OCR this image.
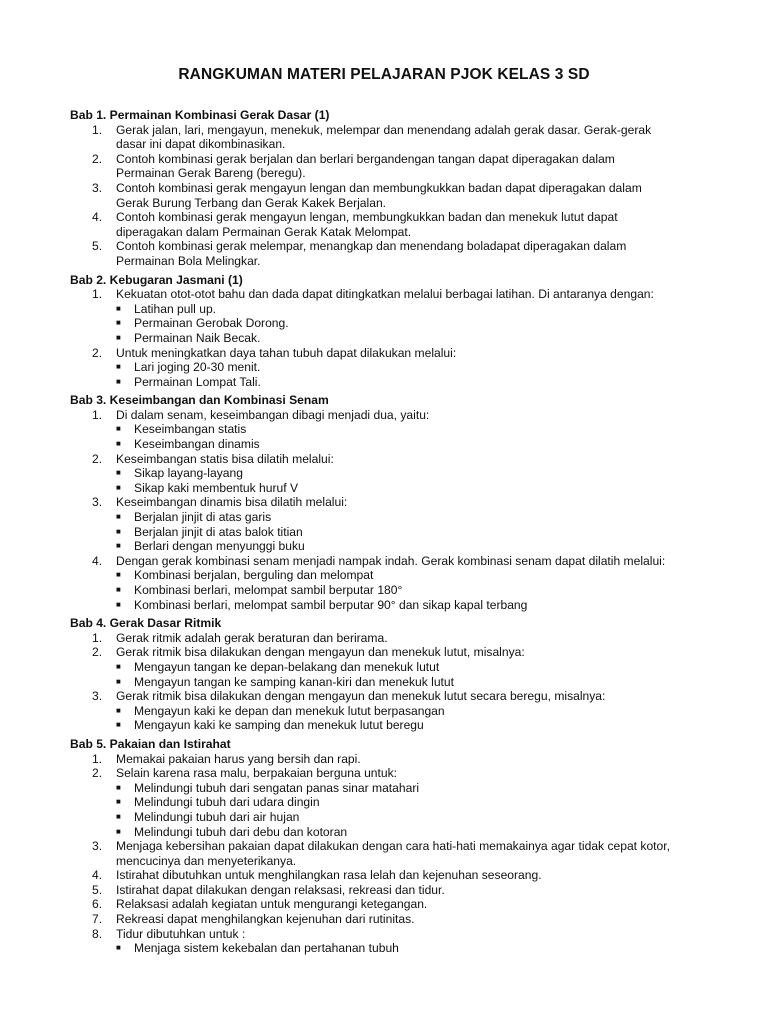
RANGKUMAN MATERI PELAJARAN PJOK KELAS 3 SD
Bab 1. Permainan Kombinasi Gerak Dasar (1)
1. Gerak jalan, lari, mengayun, menekuk, melempar dan menendang adalah gerak dasar. Gerak-gerak
dasar ini dapat dikombinasikan.
2. Contoh kombinasi gerak berjalan dan berlari bergandengan tangan dapat diperagakan dalam
Permainan Gerak Bareng (beregu).
3. Contoh kombinasi gerak mengayun lengan dan membungkukkan badan dapat diperagakan dalam
Gerak Burung Terbang dan Gerak Kakek Berjalan.
4. Contoh kombinasi gerak mengayun lengan, membungkukkan badan dan menekuk lutut dapat
diperagakan dalam Permainan Gerak Katak Melompat.
5. Contoh kombinasi gerak melempar, menangkap dan menendang boladapat diperagakan dalam
Permainan Bola Melingkar.
Bab 2. Kebugaran Jasmani (1)
1. Kekuatan otot-otot bahu dan dada dapat ditingkatkan melalui berbagai latihan. Di antaranya dengan:
■ Latihan pull up.
■ Permainan Gerobak Dorong.
■ Permainan Naik Becak.
2. Untuk meningkatkan daya tahan tubuh dapat dilakukan melalui:
■ Lari joging 20-30 menit.
■ Permainan Lompat Tali.
Bab 3. Keseimbangan dan Kombinasi Senam
1. Di dalam senam, keseimbangan dibagi menjadi dua, yaitu:
■ Keseimbangan statis
■ Keseimbangan dinamis
2. Keseimbangan statis bisa dilatih melalui:
■ Sikap layang-layang
■ Sikap kaki membentuk huruf V
3. Keseimbangan dinamis bisa dilatih melalui:
■ Berjalan jinjit di atas garis
■ Berjalan jinjit di atas balok titian
■ Berlari dengan menyunggi buku
4. Dengan gerak kombinasi senam menjadi nampak indah. Gerak kombinasi senam dapat dilatih melalui:
■ Kombinasi berjalan, berguling dan melompat
■ Kombinasi berlari, melompat sambil berputar 180°
■ Kombinasi berlari, melompat sambil berputar 90° dan sikap kapal terbang
Bab 4. Gerak Dasar Ritmik
1. Gerak ritmik adalah gerak beraturan dan berirama.
2. Gerak ritmik bisa dilakukan dengan mengayun dan menekuk lutut, misalnya:
■ Mengayun tangan ke depan-belakang dan menekuk lutut
■ Mengayun tangan ke samping kanan-kiri dan menekuk lutut
3. Gerak ritmik bisa dilakukan dengan mengayun dan menekuk lutut secara beregu, misalnya:
■ Mengayun kaki ke depan dan menekuk lutut berpasangan
■ Mengayun kaki ke samping dan menekuk lutut beregu
Bab 5. Pakaian dan Istirahat
1. Memakai pakaian harus yang bersih dan rapi.
2. Selain karena rasa malu, berpakaian berguna untuk:
■ Melindungi tubuh dari sengatan panas sinar matahari
■ Melindungi tubuh dari udara dingin
■ Melindungi tubuh dari air hujan
■ Melindungi tubuh dari debu dan kotoran
3. Menjaga kebersihan pakaian dapat dilakukan dengan cara hati-hati memakainya agar tidak cepat kotor,
mencucinya dan menyeterikanya.
4. Istirahat dibutuhkan untuk menghilangkan rasa lelah dan kejenuhan seseorang.
5. Istirahat dapat dilakukan dengan relaksasi, rekreasi dan tidur.
6. Relaksasi adalah kegiatan untuk mengurangi ketegangan.
7. Rekreasi dapat menghilangkan kejenuhan dari rutinitas.
8. Tidur dibutuhkan untuk :
■ Menjaga sistem kekebalan dan pertahanan tubuh
